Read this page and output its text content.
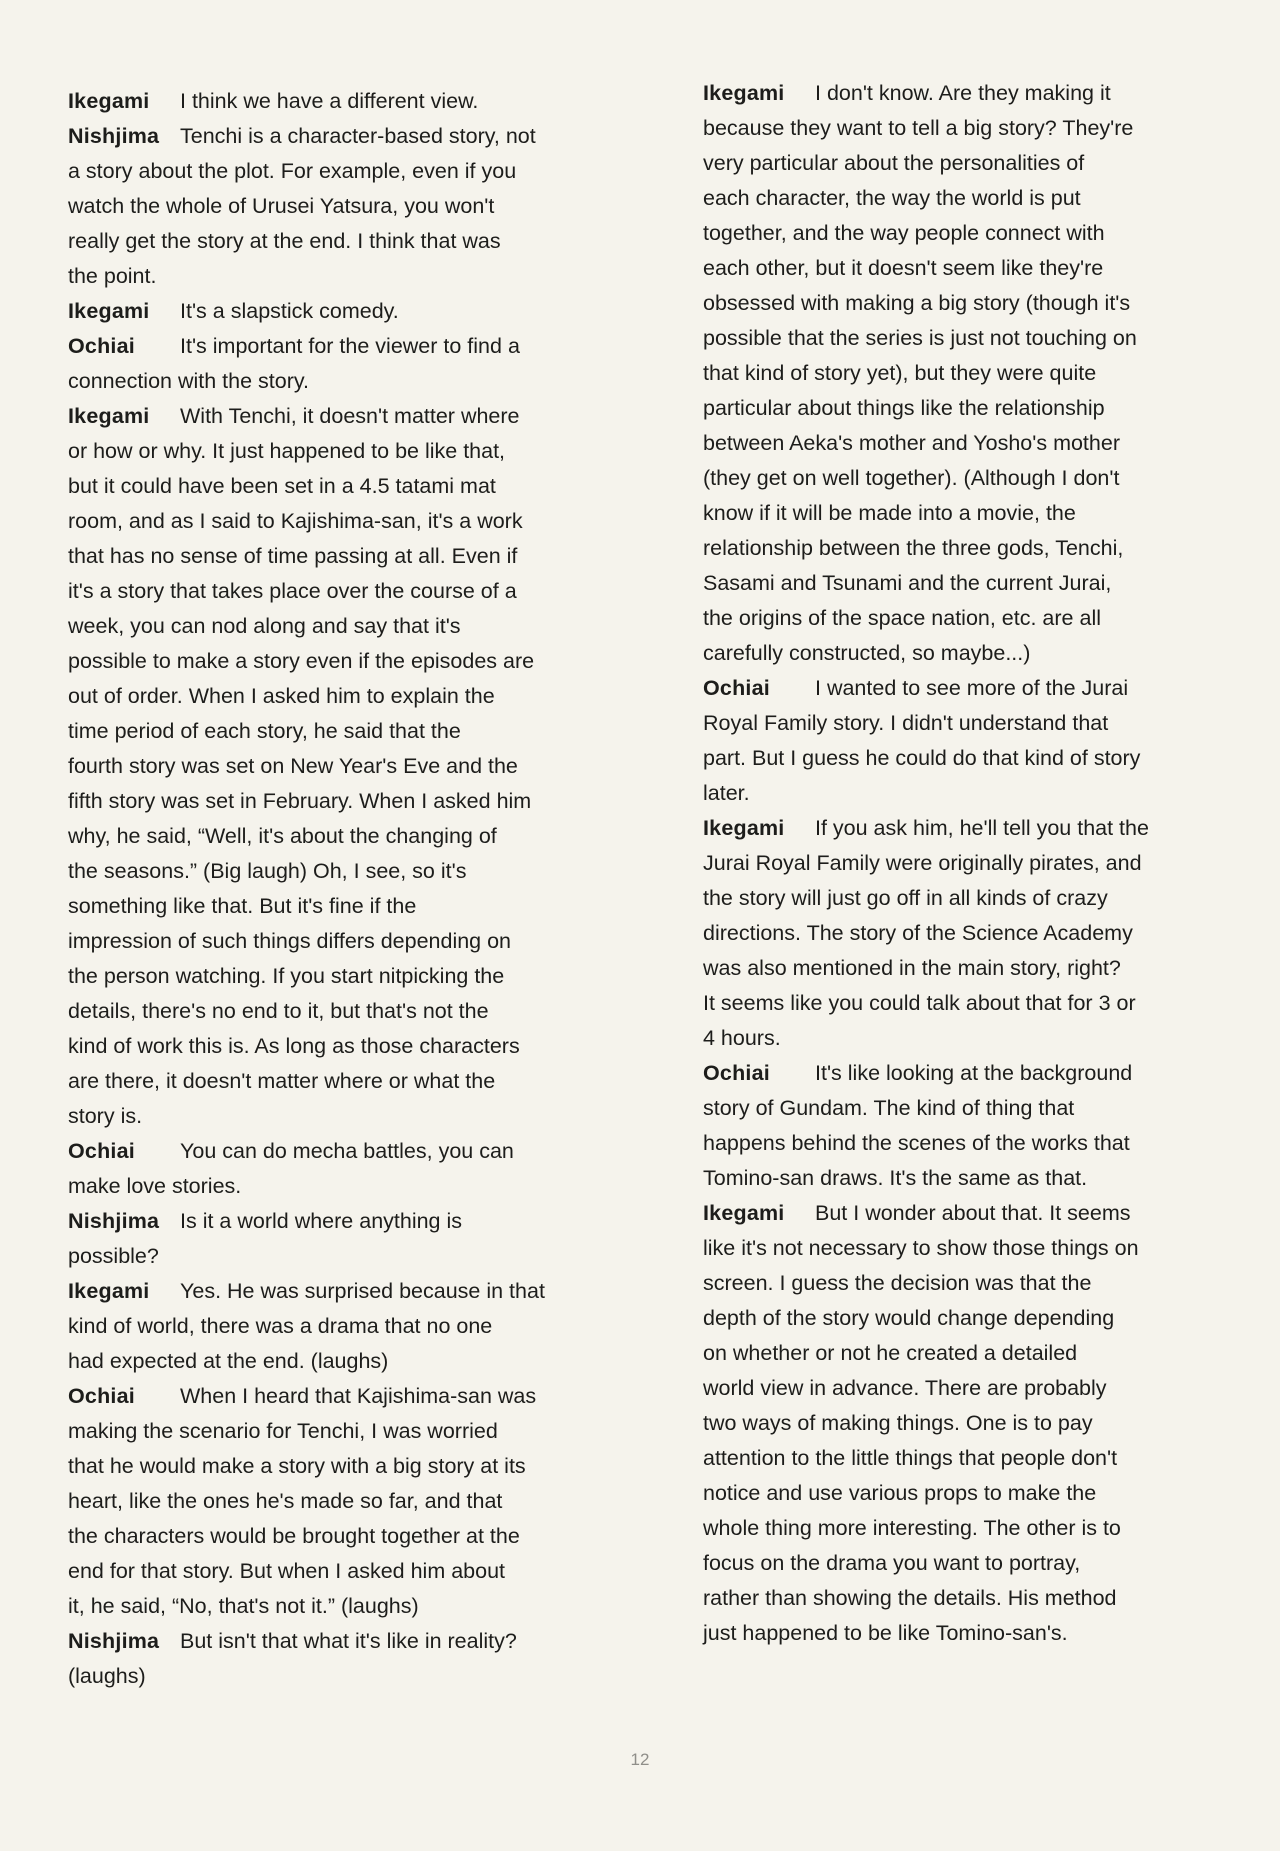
Ikegami I think we have a different view.
Nishjima Tenchi is a character-based story, not
a story about the plot. For example, even if you
watch the whole of Urusei Yatsura, you won't
really get the story at the end. I think that was
the point.
Ikegami It's a slapstick comedy.
Ochiai It's important for the viewer to find a
connection with the story.
Ikegami With Tenchi, it doesn't matter where
or how or why. It just happened to be like that,
but it could have been set in a 4.5 tatami mat
room, and as I said to Kajishima-san, it's a work
that has no sense of time passing at all. Even if
it's a story that takes place over the course of a
week, you can nod along and say that it's
possible to make a story even if the episodes are
out of order. When I asked him to explain the
time period of each story, he said that the
fourth story was set on New Year's Eve and the
fifth story was set in February. When I asked him
why, he said, “Well, it's about the changing of
the seasons.” (Big laugh) Oh, I see, so it's
something like that. But it's fine if the
impression of such things differs depending on
the person watching. If you start nitpicking the
details, there's no end to it, but that's not the
kind of work this is. As long as those characters
are there, it doesn't matter where or what the
story is.
Ochiai You can do mecha battles, you can
make love stories.
Nishjima Is it a world where anything is
possible?
Ikegami Yes. He was surprised because in that
kind of world, there was a drama that no one
had expected at the end. (laughs)
Ochiai When I heard that Kajishima-san was
making the scenario for Tenchi, I was worried
that he would make a story with a big story at its
heart, like the ones he's made so far, and that
the characters would be brought together at the
end for that story. But when I asked him about
it, he said, “No, that's not it.” (laughs)
Nishjima But isn't that what it's like in reality?
(laughs)
Ikegami I don't know. Are they making it
because they want to tell a big story? They're
very particular about the personalities of
each character, the way the world is put
together, and the way people connect with
each other, but it doesn't seem like they're
obsessed with making a big story (though it's
possible that the series is just not touching on
that kind of story yet), but they were quite
particular about things like the relationship
between Aeka's mother and Yosho's mother
(they get on well together). (Although I don't
know if it will be made into a movie, the
relationship between the three gods, Tenchi,
Sasami and Tsunami and the current Jurai,
the origins of the space nation, etc. are all
carefully constructed, so maybe...)
Ochiai I wanted to see more of the Jurai
Royal Family story. I didn't understand that
part. But I guess he could do that kind of story
later.
Ikegami If you ask him, he'll tell you that the
Jurai Royal Family were originally pirates, and
the story will just go off in all kinds of crazy
directions. The story of the Science Academy
was also mentioned in the main story, right?
It seems like you could talk about that for 3 or
4 hours.
Ochiai It's like looking at the background
story of Gundam. The kind of thing that
happens behind the scenes of the works that
Tomino-san draws. It's the same as that.
Ikegami But I wonder about that. It seems
like it's not necessary to show those things on
screen. I guess the decision was that the
depth of the story would change depending
on whether or not he created a detailed
world view in advance. There are probably
two ways of making things. One is to pay
attention to the little things that people don't
notice and use various props to make the
whole thing more interesting. The other is to
focus on the drama you want to portray,
rather than showing the details. His method
just happened to be like Tomino-san's.
12
